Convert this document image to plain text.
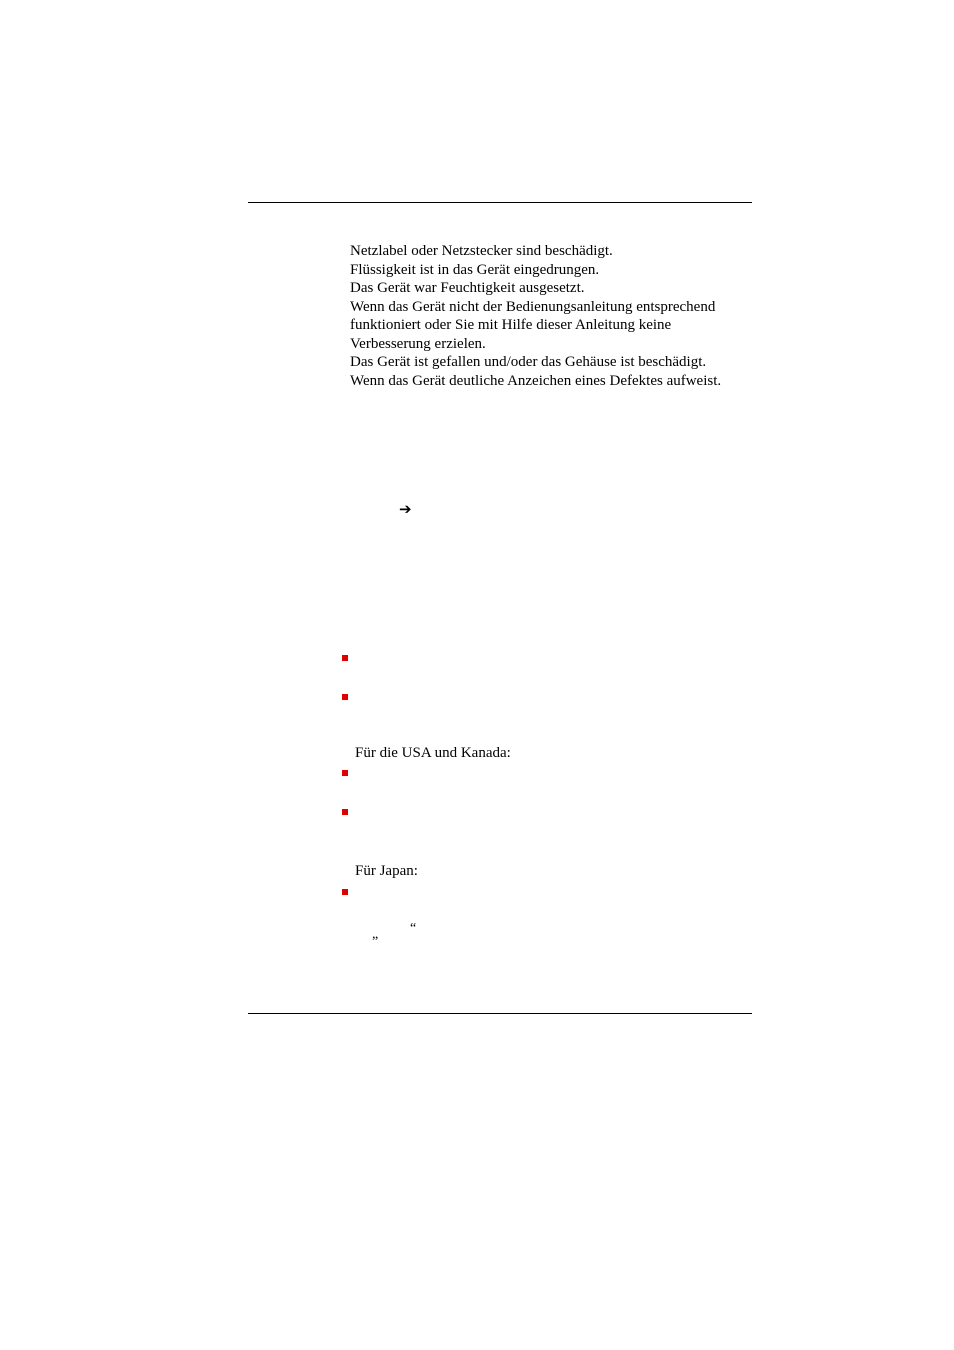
Netzlabel oder Netzstecker sind beschädigt.
Flüssigkeit ist in das Gerät eingedrungen.
Das Gerät war Feuchtigkeit ausgesetzt.
Wenn das Gerät nicht der Bedienungsanleitung entsprechend
funktioniert oder Sie mit Hilfe dieser Anleitung keine
Verbesserung erzielen.
Das Gerät ist gefallen und/oder das Gehäuse ist beschädigt.
Wenn das Gerät deutliche Anzeichen eines Defektes aufweist.
➔
Für die USA und Kanada:
Für Japan:
„ “
